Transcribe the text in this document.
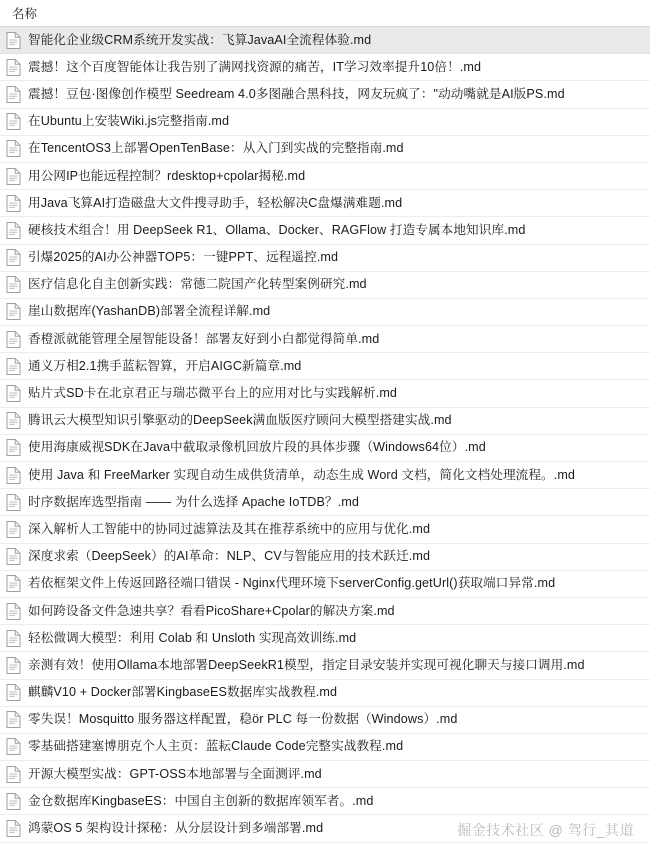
名称
智能化企业级CRM系统开发实战：飞算JavaAI全流程体验.md
震撼！这个百度智能体让我告别了满网找资源的痛苦，IT学习效率提升10倍！.md
震撼！豆包·图像创作模型 Seedream 4.0多图融合黑科技，网友玩疯了："动动嘴就是AI版PS.md
在Ubuntu上安装Wiki.js完整指南.md
在TencentOS3上部署OpenTenBase：从入门到实战的完整指南.md
用公网IP也能远程控制？rdesktop+cpolar揭秘.md
用Java飞算AI打造磁盘大文件搜寻助手，轻松解决C盘爆满难题.md
硬核技术组合！用 DeepSeek R1、Ollama、Docker、RAGFlow 打造专属本地知识库.md
引爆2025的AI办公神器TOP5：一键PPT、远程遥控.md
医疗信息化自主创新实践：常德二院国产化转型案例研究.md
崖山数据库(YashanDB)部署全流程详解.md
香橙派就能管理全屋智能设备！部署友好到小白都觉得简单.md
通义万相2.1携手蓝耘智算，开启AIGC新篇章.md
贴片式SD卡在北京君正与瑞芯微平台上的应用对比与实践解析.md
腾讯云大模型知识引擎驱动的DeepSeek满血版医疗顾问大模型搭建实战.md
使用海康威视SDK在Java中截取录像机回放片段的具体步骤（Windows64位）.md
使用 Java 和 FreeMarker 实现自动生成供货清单，动态生成 Word 文档，简化文档处理流程。.md
时序数据库选型指南 —— 为什么选择 Apache IoTDB？.md
深入解析人工智能中的协同过滤算法及其在推荐系统中的应用与优化.md
深度求索（DeepSeek）的AI革命：NLP、CV与智能应用的技术跃迁.md
若依框架文件上传返回路径端口错误 - Nginx代理环境下serverConfig.getUrl()获取端口异常.md
如何跨设备文件急速共享？看看PicoShare+Cpolar的解决方案.md
轻松微调大模型：利用 Colab 和 Unsloth 实现高效训练.md
亲测有效！使用Ollama本地部署DeepSeekR1模型，指定目录安装并实现可视化聊天与接口调用.md
麒麟V10 + Docker部署KingbaseES数据库实战教程.md
零失误！Mosquitto 服务器这样配置，稳ör PLC 每一份数据（Windows）.md
零基础搭建塞博朋克个人主页：蓝耘Claude Code完整实战教程.md
开源大模型实战：GPT-OSS本地部署与全面测评.md
金仓数据库KingbaseES：中国自主创新的数据库领军者。.md
鸿蒙OS 5 架构设计探秘：从分层设计到多端部署.md	掘金技术社区 @ 驾行_其道
